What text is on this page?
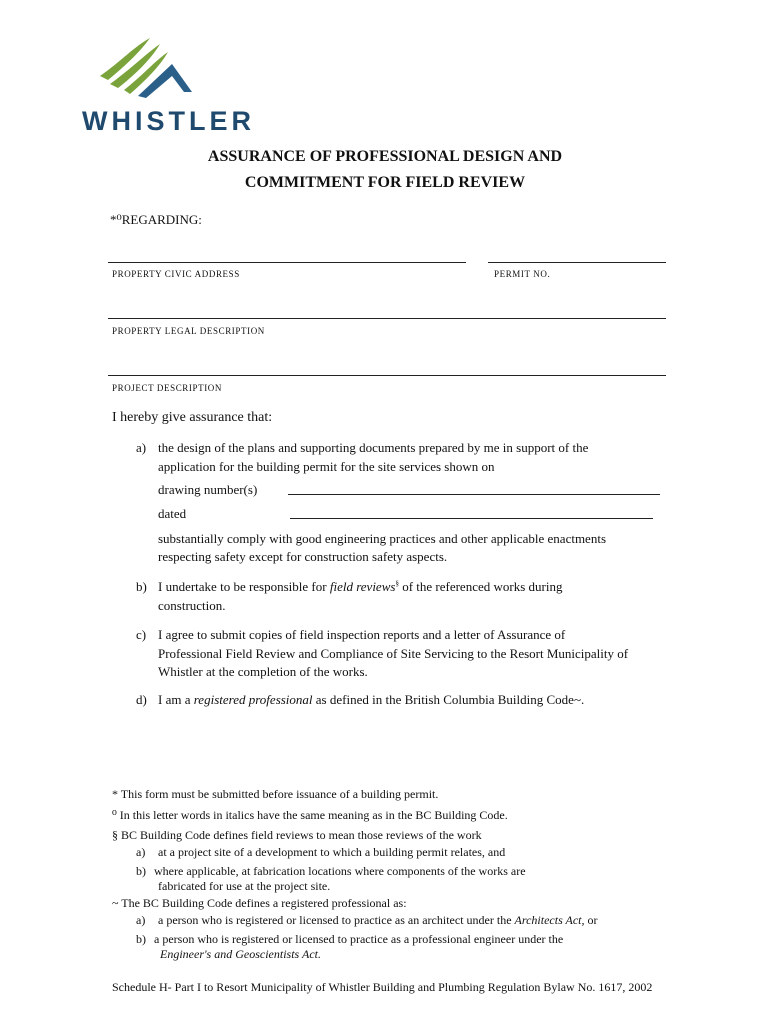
WHISTLER
ASSURANCE OF PROFESSIONAL DESIGN AND
COMMITMENT FOR FIELD REVIEW
*⁰REGARDING:
PROPERTY CIVIC ADDRESS	PERMIT NO.
PROPERTY LEGAL DESCRIPTION
PROJECT DESCRIPTION
I hereby give assurance that:
a) the design of the plans and supporting documents prepared by me in support of the
application for the building permit for the site services shown on
drawing number(s)
dated
substantially comply with good engineering practices and other applicable enactments
respecting safety except for construction safety aspects.
b) I undertake to be responsible for field reviews§ of the referenced works during
construction.
c) I agree to submit copies of field inspection reports and a letter of Assurance of
Professional Field Review and Compliance of Site Servicing to the Resort Municipality of
Whistler at the completion of the works.
d) I am a registered professional as defined in the British Columbia Building Code~.
* This form must be submitted before issuance of a building permit.
⁰ In this letter words in italics have the same meaning as in the BC Building Code.
§ BC Building Code defines field reviews to mean those reviews of the work
a) at a project site of a development to which a building permit relates, and
b) where applicable, at fabrication locations where components of the works are
fabricated for use at the project site.
~ The BC Building Code defines a registered professional as:
a) a person who is registered or licensed to practice as an architect under the Architects Act, or
b) a person who is registered or licensed to practice as a professional engineer under the
Engineer's and Geoscientists Act.
Schedule H- Part I to Resort Municipality of Whistler Building and Plumbing Regulation Bylaw No. 1617, 2002
